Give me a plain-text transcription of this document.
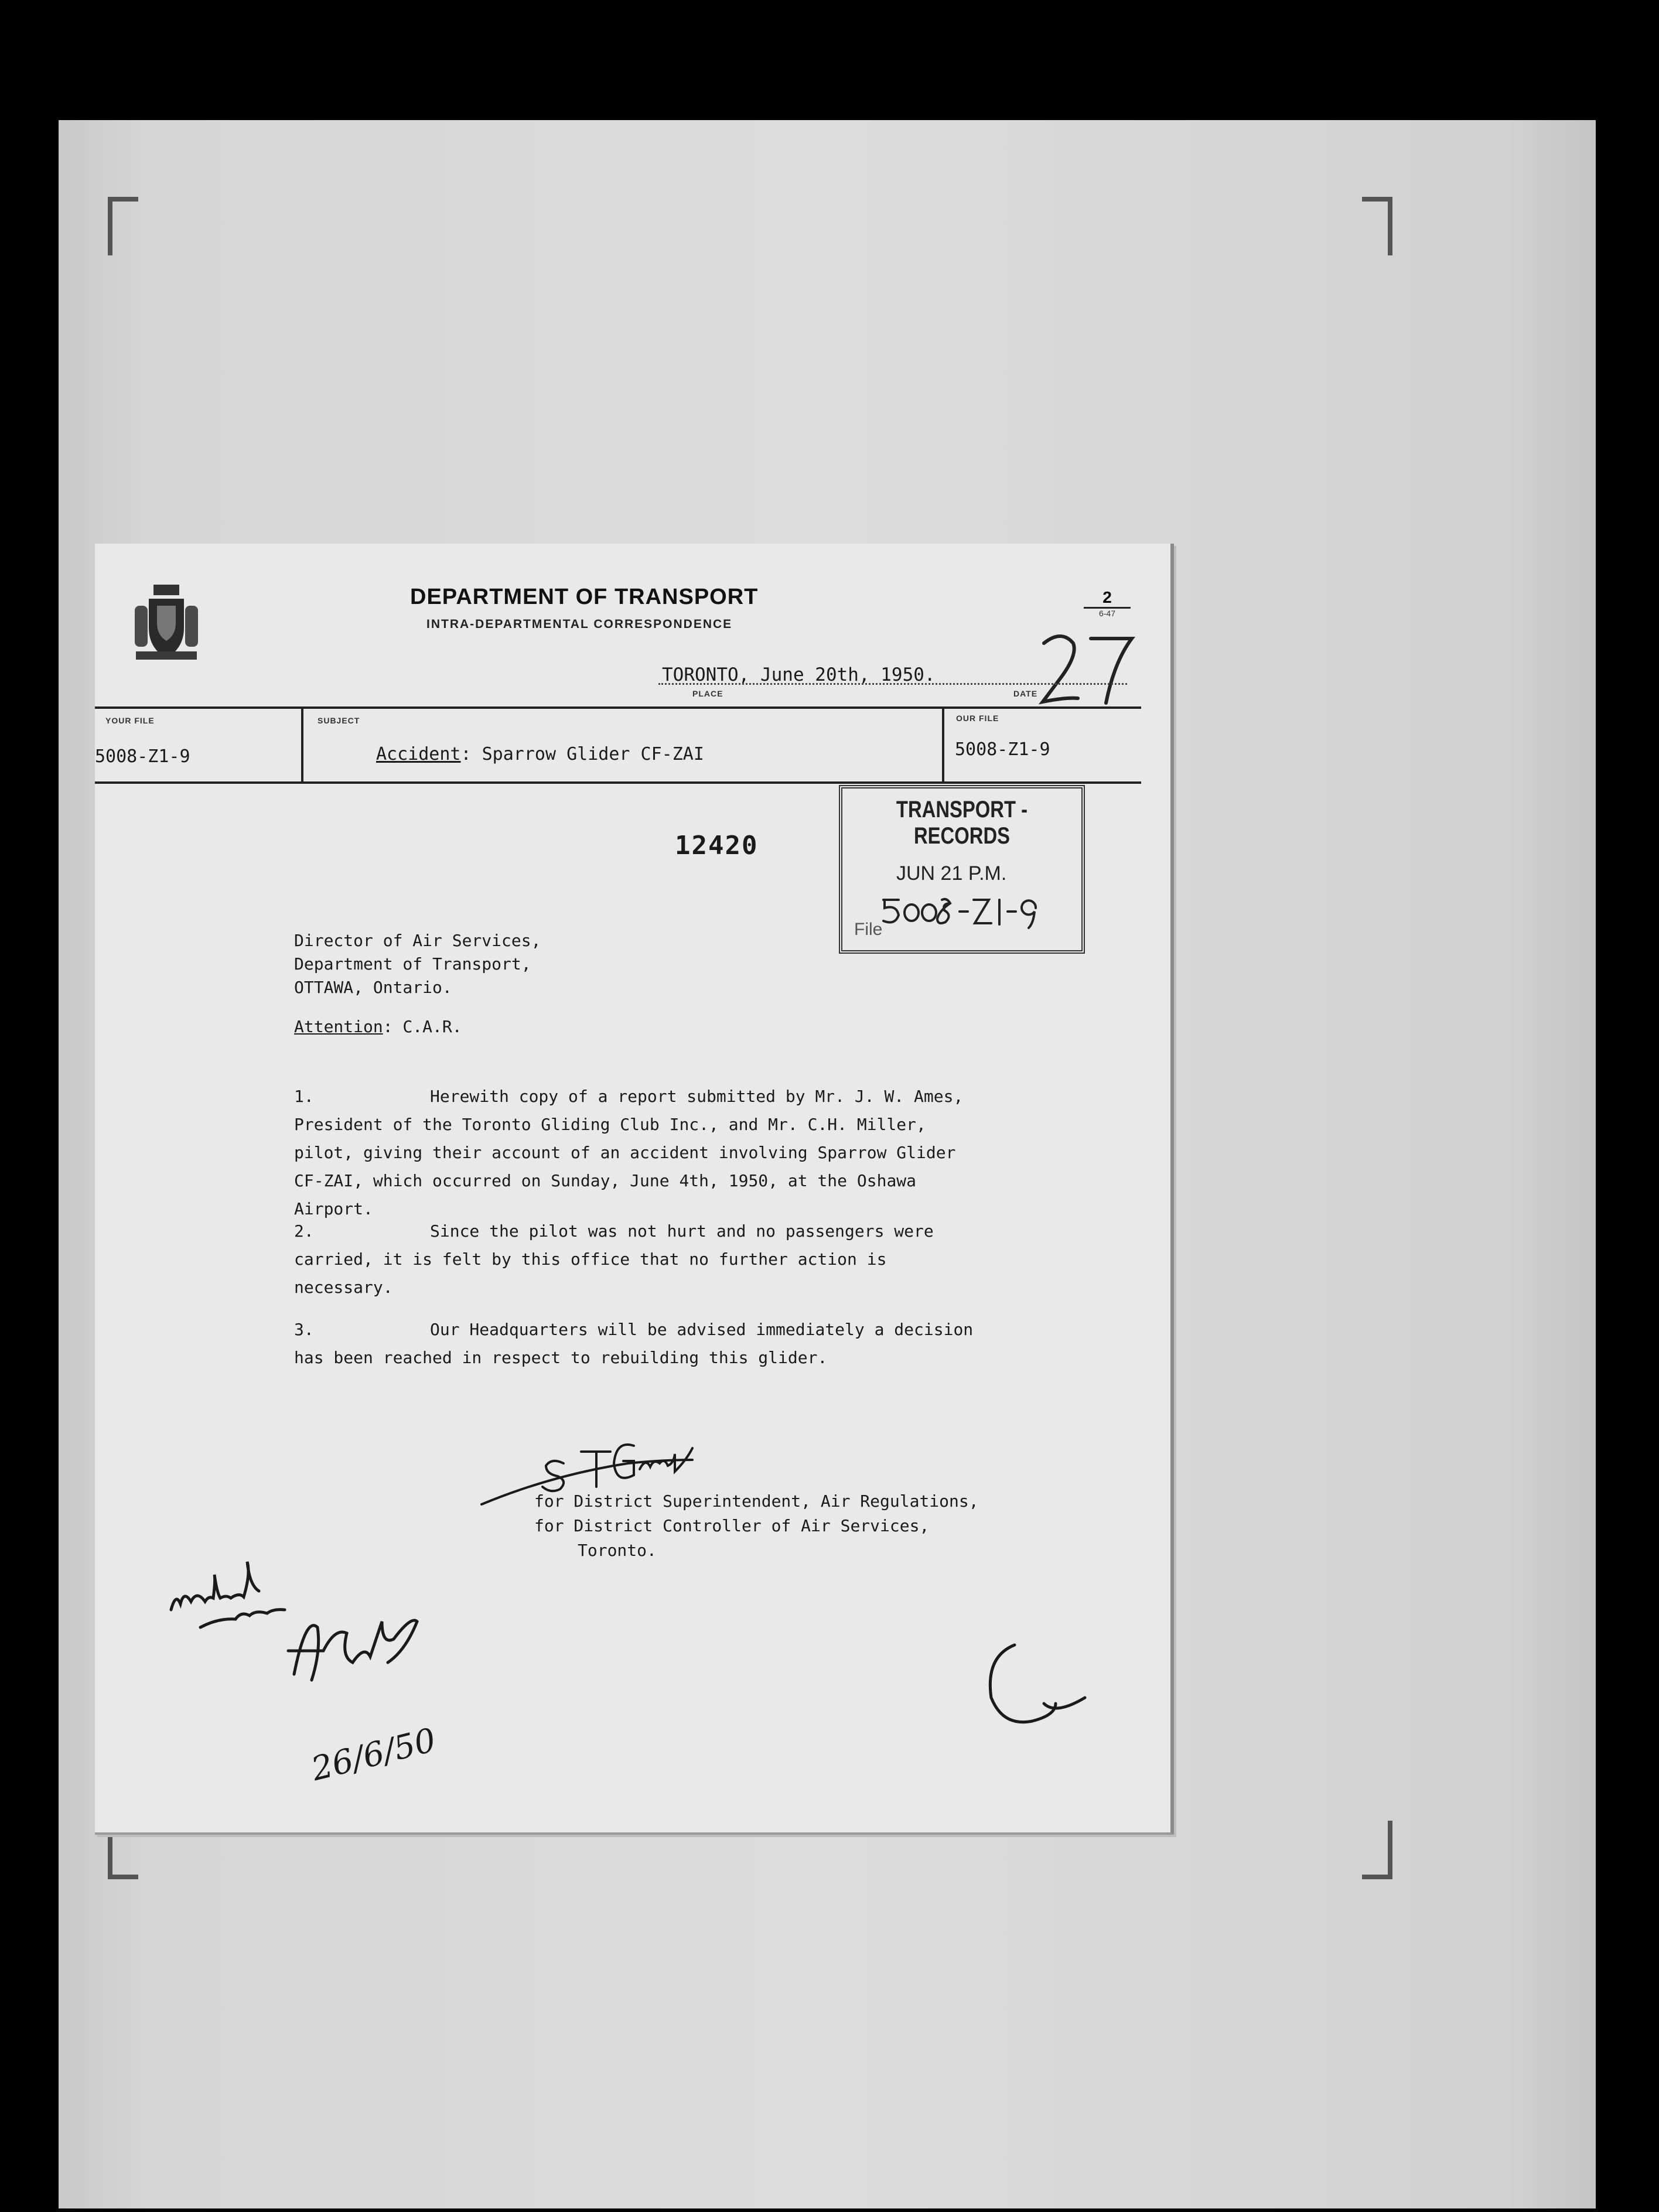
DEPARTMENT OF TRANSPORT
INTRA-DEPARTMENTAL CORRESPONDENCE
2
6-47
TORONTO, June 20th, 1950.
PLACE	DATE
YOUR FILE	SUBJECT	OUR FILE
5008-Z1-9	Accident: Sparrow Glider CF-ZAI	5008-Z1-9
12420
TRANSPORT - RECORDS
JUN 21 P.M.
File
Director of Air Services,
Department of Transport,
OTTAWA, Ontario.
Attention: C.A.R.
1.	Herewith copy of a report submitted by Mr. J. W. Ames, President of the Toronto Gliding Club Inc., and Mr. C.H. Miller, pilot, giving their account of an accident involving Sparrow Glider CF-ZAI, which occurred on Sunday, June 4th, 1950, at the Oshawa Airport.
2.	Since the pilot was not hurt and no passengers were carried, it is felt by this office that no further action is necessary.
3.	Our Headquarters will be advised immediately a decision has been reached in respect to rebuilding this glider.
for District Superintendent, Air Regulations,
for District Controller of Air Services,
Toronto.
26/6/50
